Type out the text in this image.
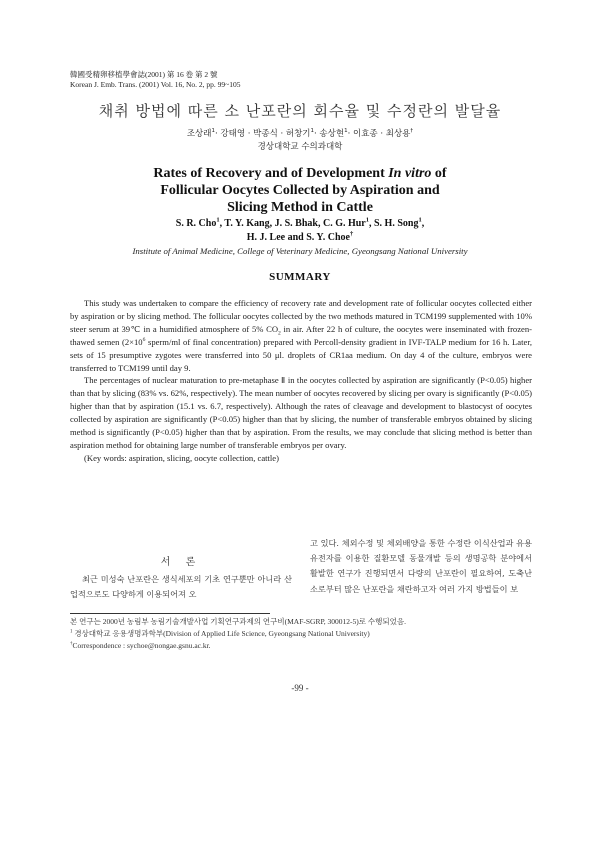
韓國受精卵移植學會誌(2001) 第 16 卷 第 2 號
Korean J. Emb. Trans. (2001) Vol. 16, No. 2, pp. 99~105
채취 방법에 따른 소 난포란의 회수율 및 수정란의 발달율
조상래$^1$· 강태영 · 박종식 · 허창기$^1$· 송상현$^1$· 이효종 · 최상용†
경상대학교 수의과대학
Rates of Recovery and of Development In vitro of
Follicular Oocytes Collected by Aspiration and
Slicing Method in Cattle
S. R. Cho$^1$, T. Y. Kang, J. S. Bhak, C. G. Hur$^1$, S. H. Song$^1$,
H. J. Lee and S. Y. Choe†
Institute of Animal Medicine, College of Veterinary Medicine, Gyeongsang National University
SUMMARY

This study was undertaken to compare the efficiency of recovery rate and development rate of follicular oocytes collected either by aspiration or by slicing method. The follicular oocytes collected by the two methods matured in TCM199 supplemented with 10% steer serum at 39℃ in a humidified atmosphere of 5% $CO_2$ in air. After 22 h of culture, the oocytes were inseminated with frozen-thawed semen ($2\times 10^6$ sperm/ml of final concentration) prepared with Percoll-density gradient in IVF-TALP medium for 16 h. Later, sets of 15 presumptive zygotes were transferred into 50 μl. droplets of CR1aa medium. On day 4 of the culture, embryos were transferred to TCM199 until day 9.

The percentages of nuclear maturation to pre-metaphase Ⅱ in the oocytes collected by aspiration are significantly (P<0.05) higher than that by slicing (83% vs. 62%, respectively). The mean number of oocytes recovered by slicing per ovary is significantly (P<0.05) higher than that by aspiration (15.1 vs. 6.7, respectively). Although the rates of cleavage and development to blastocyst of oocytes collected by aspiration are significantly (P<0.05) higher than that by slicing, the number of transferable embryos obtained by slicing method is significantly (P<0.05) higher than that by aspiration. From the results, we may conclude that slicing method is better than aspiration method for obtaining large number of transferable embryos per ovary.

(Key words: aspiration, slicing, oocyte collection, cattle)

서 론
최근 미성숙 난포란은 생식세포의 기초 연구뿐만 아니라 산업적으로도 다양하게 이용되어져 오
고 있다. 체외수정 및 체외배양을 통한 수정란 이식산업과 유용 유전자를 이용한 질환모델 동물개발 등의 생명공학 분야에서 활발한 연구가 진행되면서 다량의 난포란이 필요하여, 도축난소로부터 많은 난포란을 채란하고자 여러 가지 방법들이 보
본 연구는 2000년 농림부 농림기술개발사업 기획연구과제의 연구비(MAF-SGRP, 300012-5)로 수행되었음.
$^1$ 경상대학교 응용생명과학부(Division of Applied Life Science, Gyeongsang National University)
†Correspondence : sychoe@nongae.gsnu.ac.kr.
-99 -
